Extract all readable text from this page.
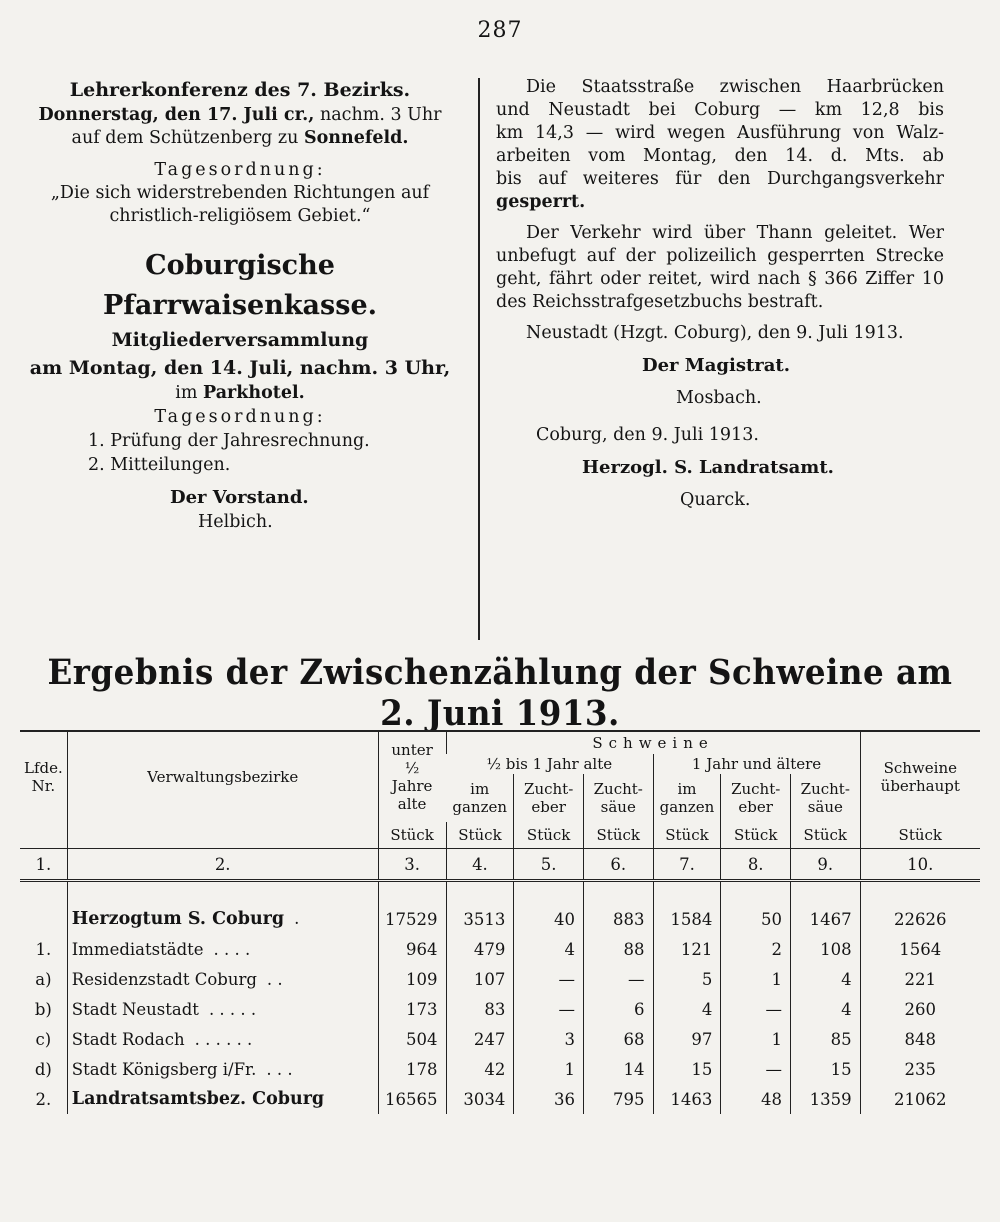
287
Lehrerkonferenz des 7. Bezirks.
Donnerstag, den 17. Juli cr., nachm. 3 Uhr
auf dem Schützenberg zu Sonnefeld.
Tagesordnung:
„Die sich widerstrebenden Richtungen auf
christlich-religiösem Gebiet.“
Coburgische Pfarrwaisenkasse.
Mitgliederversammlung
am Montag, den 14. Juli, nachm. 3 Uhr,
im Parkhotel.
Tagesordnung:
1. Prüfung der Jahresrechnung.
2. Mitteilungen.
Der Vorstand.
Helbich.
Die Staatsstraße zwischen Haarbrücken
und Neustadt bei Coburg — km 12,8 bis
km 14,3 — wird wegen Ausführung von Walz-
arbeiten vom Montag, den 14. d. Mts. ab
bis auf weiteres für den Durchgangsverkehr
gesperrt.
Der Verkehr wird über Thann geleitet. Wer
unbefugt auf der polizeilich gesperrten Strecke
geht, fährt oder reitet, wird nach § 366 Ziffer 10
des Reichsstrafgesetzbuchs bestraft.
Neustadt (Hzgt. Coburg), den 9. Juli 1913.
Der Magistrat.
Mosbach.
Coburg, den 9. Juli 1913.
Herzogl. S. Landratsamt.
Quarck.
Ergebnis der Zwischenzählung der Schweine am 2. Juni 1913.
Lfde. Nr.	Verwaltungsbezirke	unter ½ Jahre alte	Schweine						Schweine überhaupt
			½ bis 1 Jahr alte			1 Jahr und ältere			
			im ganzen	Zucht-eber	Zucht-säue	im ganzen	Zucht-eber	Zucht-säue	
		Stück	Stück	Stück	Stück	Stück	Stück	Stück	Stück
1.	2.	3.	4.	5.	6.	7.	8.	9.	10.

	Herzogtum S. Coburg .	17529	3513	40	883	1584	50	1467	22626
1.	Immediatstädte . . . .	964	479	4	88	121	2	108	1564
a)	Residenzstadt Coburg . .	109	107	—	—	5	1	4	221
b)	Stadt Neustadt . . . . .	173	83	—	6	4	—	4	260
c)	Stadt Rodach . . . . . .	504	247	3	68	97	1	85	848
d)	Stadt Königsberg i/Fr. . . .	178	42	1	14	15	—	15	235
2.	Landratsamtsbez. Coburg	16565	3034	36	795	1463	48	1359	21062
